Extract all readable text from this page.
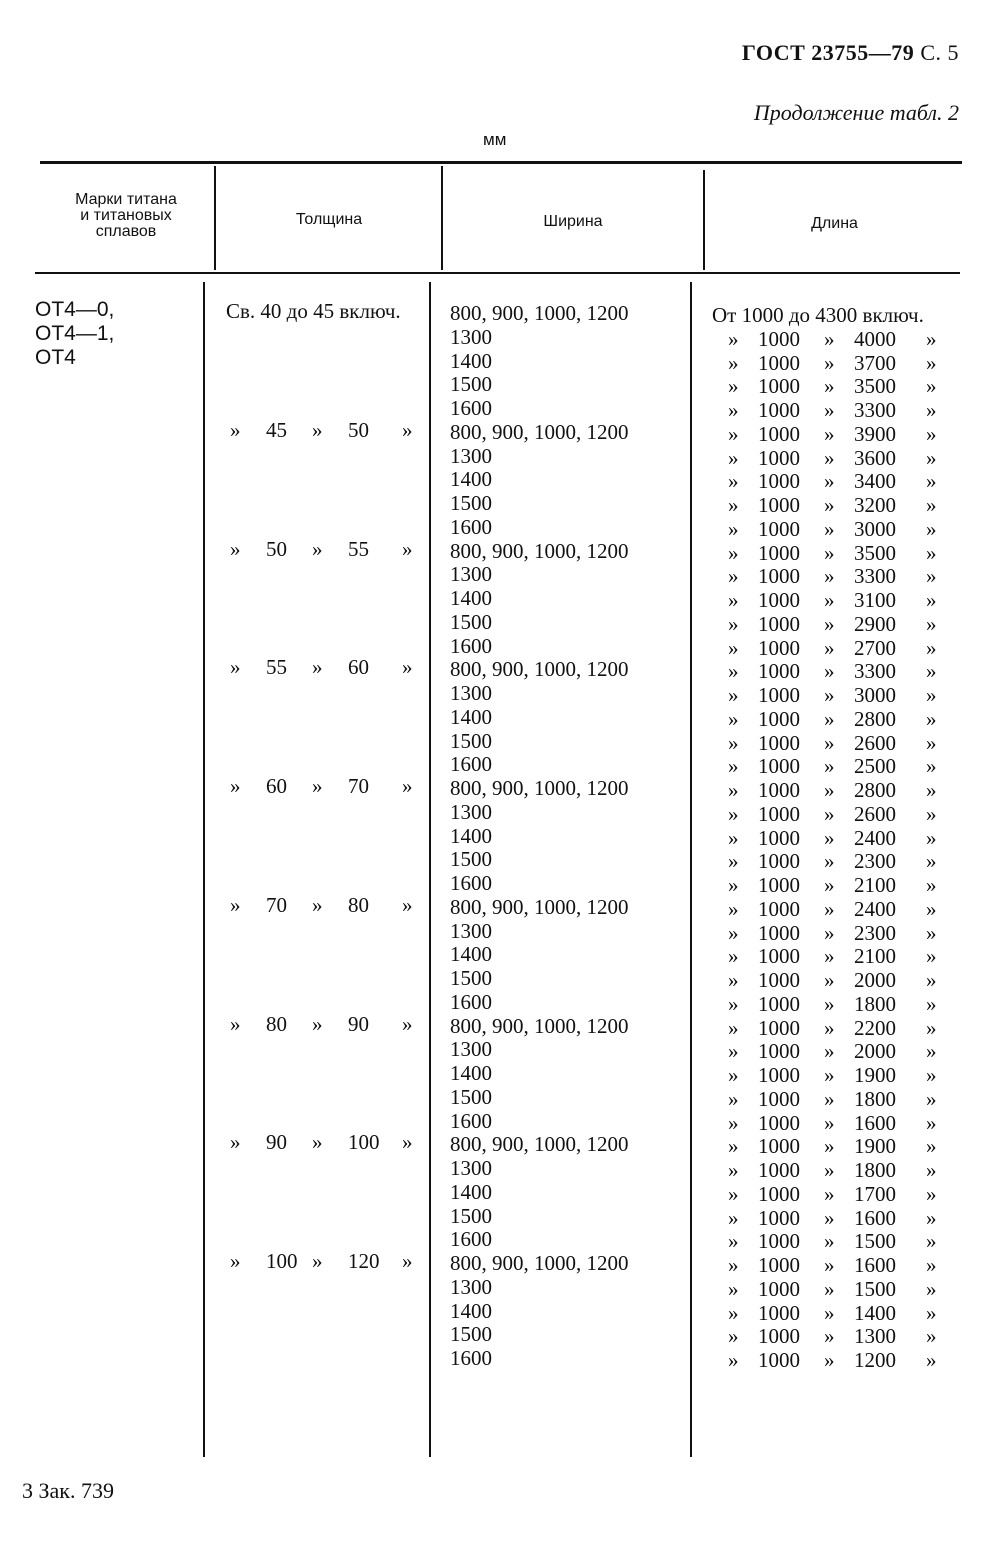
ГОСТ 23755—79 С. 5
Продолжение табл. 2
мм
Марки титана
и титановых
сплавов
Толщина	Ширина	Длина
ОТ4—0,
ОТ4—1,
ОТ4
Св. 40 до 45 включ.
» 45 » 50 »
» 50 » 55 »
» 55 » 60 »
» 60 » 70 »
» 70 » 80 »
» 80 » 90 »
» 90 » 100 »
» 100 » 120 »
800, 900, 1000, 1200
1300
1400
1500
1600
800, 900, 1000, 1200
1300
1400
1500
1600
800, 900, 1000, 1200
1300
1400
1500
1600
800, 900, 1000, 1200
1300
1400
1500
1600
800, 900, 1000, 1200
1300
1400
1500
1600
800, 900, 1000, 1200
1300
1400
1500
1600
800, 900, 1000, 1200
1300
1400
1500
1600
800, 900, 1000, 1200
1300
1400
1500
1600
800, 900, 1000, 1200
1300
1400
1500
1600
От 1000 до 4300 включ.
» 1000 » 4000 »
» 1000 » 3700 »
» 1000 » 3500 »
» 1000 » 3300 »
» 1000 » 3900 »
» 1000 » 3600 »
» 1000 » 3400 »
» 1000 » 3200 »
» 1000 » 3000 »
» 1000 » 3500 »
» 1000 » 3300 »
» 1000 » 3100 »
» 1000 » 2900 »
» 1000 » 2700 »
» 1000 » 3300 »
» 1000 » 3000 »
» 1000 » 2800 »
» 1000 » 2600 »
» 1000 » 2500 »
» 1000 » 2800 »
» 1000 » 2600 »
» 1000 » 2400 »
» 1000 » 2300 »
» 1000 » 2100 »
» 1000 » 2400 »
» 1000 » 2300 »
» 1000 » 2100 »
» 1000 » 2000 »
» 1000 » 1800 »
» 1000 » 2200 »
» 1000 » 2000 »
» 1000 » 1900 »
» 1000 » 1800 »
» 1000 » 1600 »
» 1000 » 1900 »
» 1000 » 1800 »
» 1000 » 1700 »
» 1000 » 1600 »
» 1000 » 1500 »
» 1000 » 1600 »
» 1000 » 1500 »
» 1000 » 1400 »
» 1000 » 1300 »
» 1000 » 1200 »
3 Зак. 739
